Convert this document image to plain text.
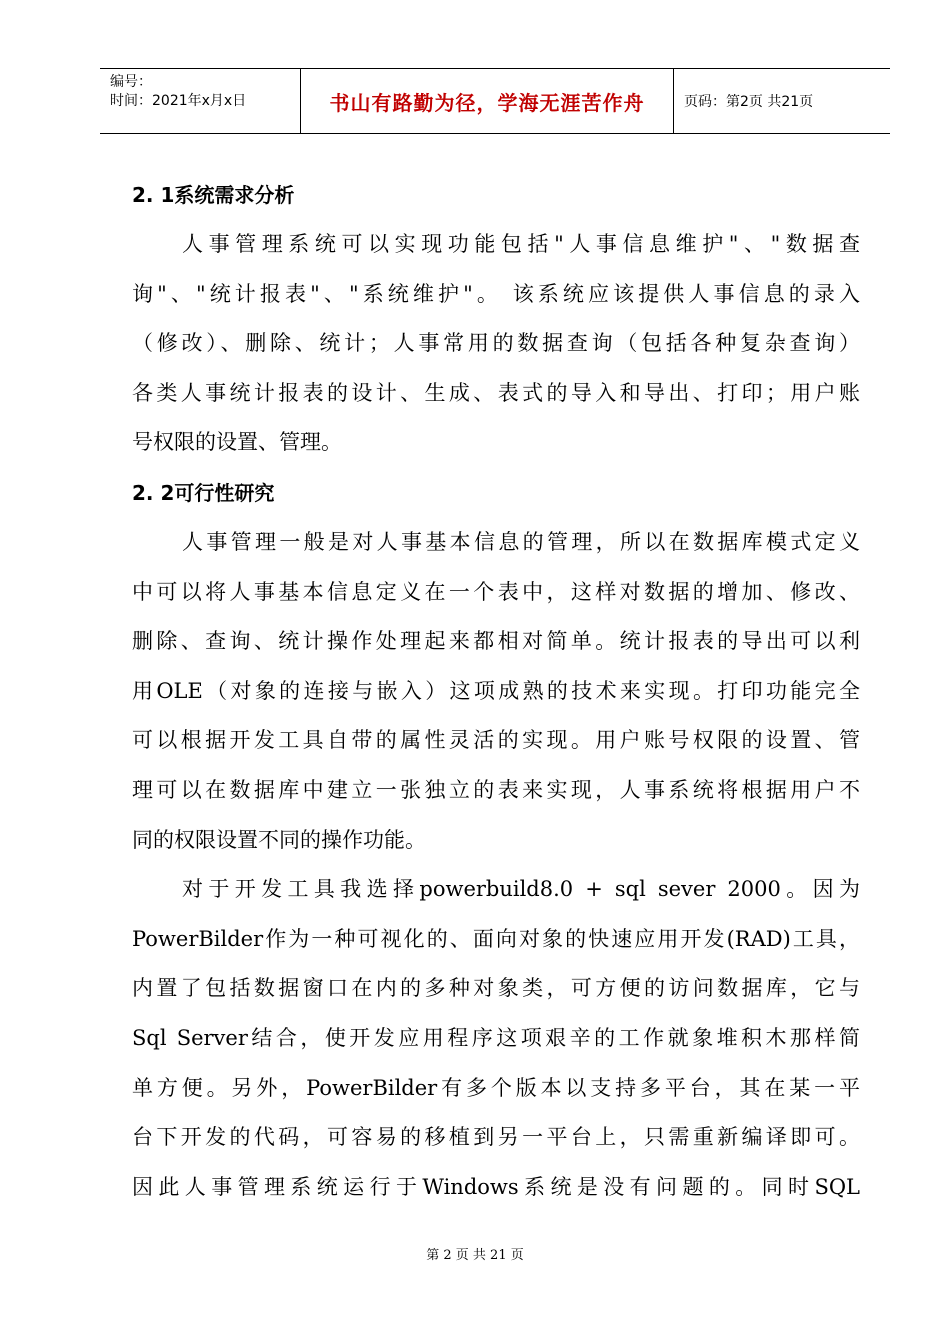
编号：
时间：2021年x月x日	书山有路勤为径，学海无涯苦作舟	页码：第2页 共21页
2. 1系统需求分析
人事管理系统可以实现功能包括"人事信息维护"、"数据查
询"、"统计报表"、"系统维护"。 该系统应该提供人事信息的录入
（修改）、删除、统计；人事常用的数据查询（包括各种复杂查询）
各类人事统计报表的设计、生成、表式的导入和导出、打印；用户账
号权限的设置、管理。
2. 2可行性研究
人事管理一般是对人事基本信息的管理，所以在数据库模式定义
中可以将人事基本信息定义在一个表中，这样对数据的增加、修改、
删除、查询、统计操作处理起来都相对简单。统计报表的导出可以利
用OLE（对象的连接与嵌入）这项成熟的技术来实现。打印功能完全
可以根据开发工具自带的属性灵活的实现。用户账号权限的设置、管
理可以在数据库中建立一张独立的表来实现，人事系统将根据用户不
同的权限设置不同的操作功能。
对于开发工具我选择powerbuild8.0 + sql sever 2000。因为
PowerBilder作为一种可视化的、面向对象的快速应用开发(RAD)工具，
内置了包括数据窗口在内的多种对象类，可方便的访问数据库，它与
Sql Server结合，使开发应用程序这项艰辛的工作就象堆积木那样简
单方便。另外，PowerBilder有多个版本以支持多平台，其在某一平
台下开发的代码，可容易的移植到另一平台上，只需重新编译即可。
因此人事管理系统运行于Windows系统是没有问题的。同时SQL
第 2 页 共 21 页
